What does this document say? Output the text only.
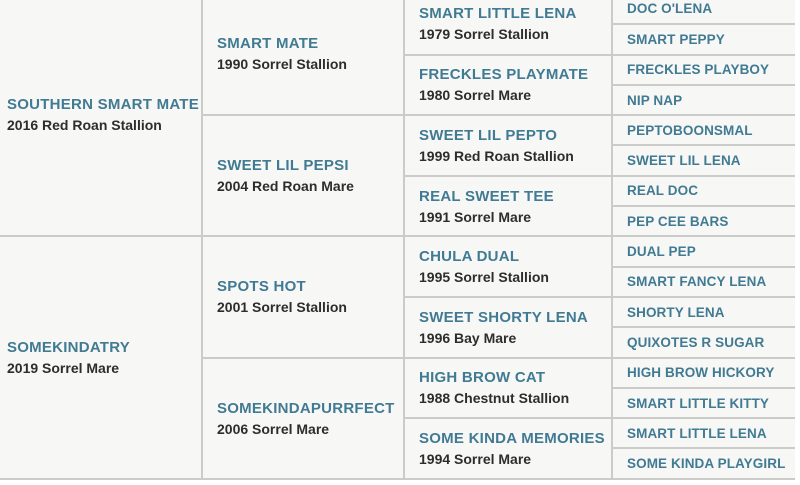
SOUTHERN SMART MATE
2016 Red Roan Stallion
SOMEKINDATRY
2019 Sorrel Mare
SMART MATE
1990 Sorrel Stallion
SWEET LIL PEPSI
2004 Red Roan Mare
SPOTS HOT
2001 Sorrel Stallion
SOMEKINDAPURRFECT
2006 Sorrel Mare
SMART LITTLE LENA
1979 Sorrel Stallion
FRECKLES PLAYMATE
1980 Sorrel Mare
SWEET LIL PEPTO
1999 Red Roan Stallion
REAL SWEET TEE
1991 Sorrel Mare
CHULA DUAL
1995 Sorrel Stallion
SWEET SHORTY LENA
1996 Bay Mare
HIGH BROW CAT
1988 Chestnut Stallion
SOME KINDA MEMORIES
1994 Sorrel Mare
DOC O'LENA
SMART PEPPY
FRECKLES PLAYBOY
NIP NAP
PEPTOBOONSMAL
SWEET LIL LENA
REAL DOC
PEP CEE BARS
DUAL PEP
SMART FANCY LENA
SHORTY LENA
QUIXOTES R SUGAR
HIGH BROW HICKORY
SMART LITTLE KITTY
SMART LITTLE LENA
SOME KINDA PLAYGIRL
